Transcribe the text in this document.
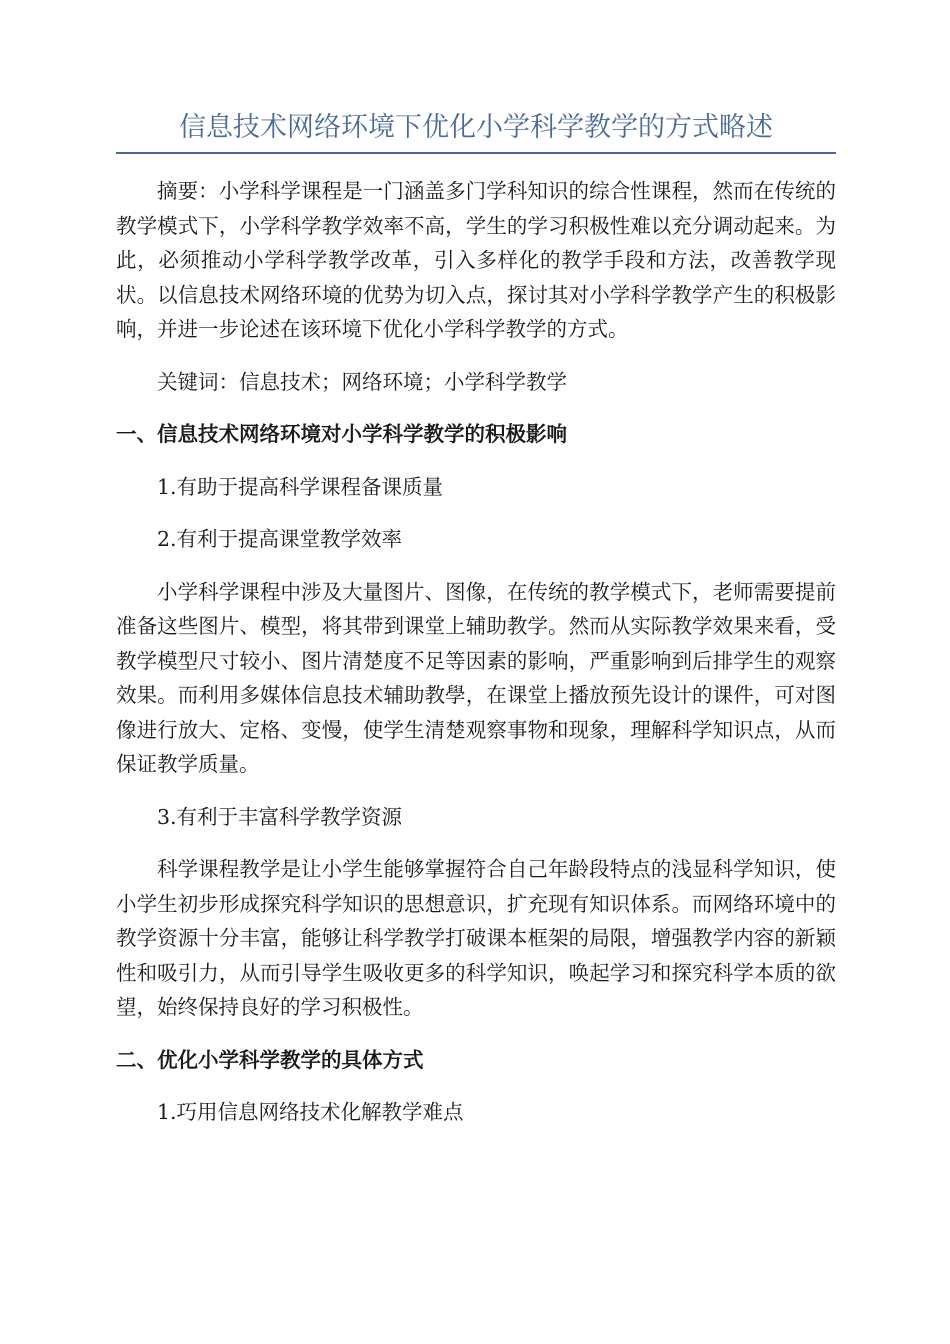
信息技术网络环境下优化小学科学教学的方式略述

摘要：小学科学课程是一门涵盖多门学科知识的综合性课程，然而在传统的教学模式下，小学科学教学效率不高，学生的学习积极性难以充分调动起来。为此，必须推动小学科学教学改革，引入多样化的教学手段和方法，改善教学现状。以信息技术网络环境的优势为切入点，探讨其对小学科学教学产生的积极影响，并进一步论述在该环境下优化小学科学教学的方式。

关键词：信息技术；网络环境；小学科学教学

一、信息技术网络环境对小学科学教学的积极影响
1.有助于提高科学课程备课质量
2.有利于提高课堂教学效率

小学科学课程中涉及大量图片、图像，在传统的教学模式下，老师需要提前准备这些图片、模型，将其带到课堂上辅助教学。然而从实际教学效果来看，受教学模型尺寸较小、图片清楚度不足等因素的影响，严重影响到后排学生的观察效果。而利用多媒体信息技术辅助教學，在课堂上播放预先设计的课件，可对图像进行放大、定格、变慢，使学生清楚观察事物和现象，理解科学知识点，从而保证教学质量。

3.有利于丰富科学教学资源

科学课程教学是让小学生能够掌握符合自己年龄段特点的浅显科学知识，使小学生初步形成探究科学知识的思想意识，扩充现有知识体系。而网络环境中的教学资源十分丰富，能够让科学教学打破课本框架的局限，增强教学内容的新颖性和吸引力，从而引导学生吸收更多的科学知识，唤起学习和探究科学本质的欲望，始终保持良好的学习积极性。

二、优化小学科学教学的具体方式
1.巧用信息网络技术化解教学难点
